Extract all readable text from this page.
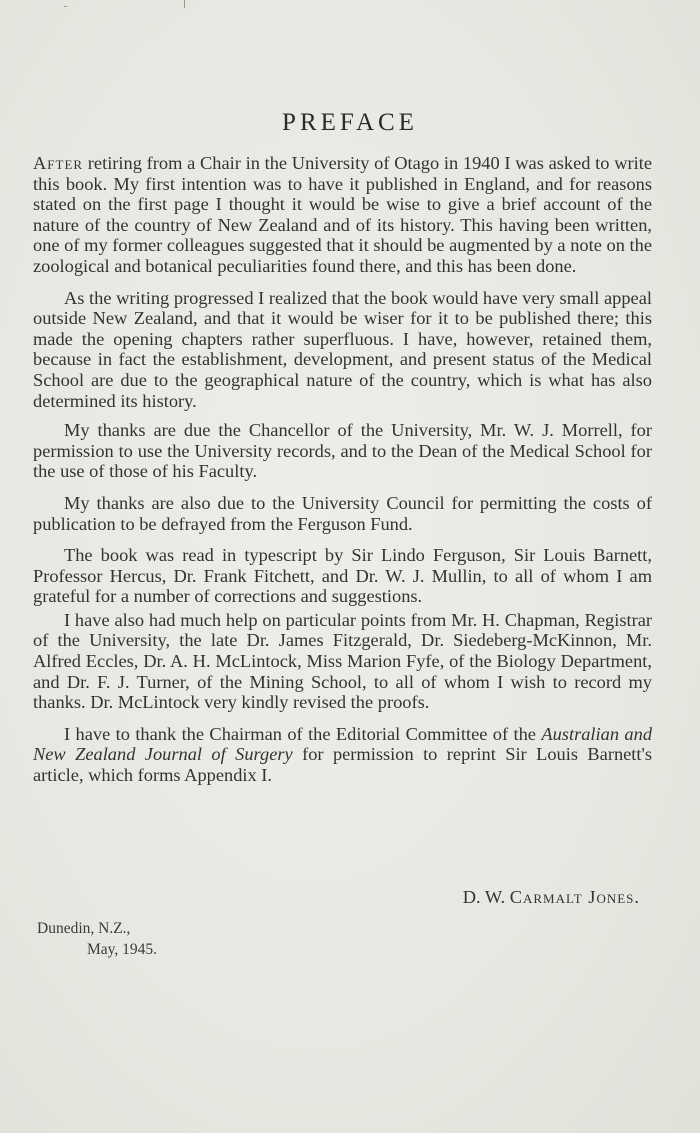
PREFACE

After retiring from a Chair in the University of Otago in 1940 I was asked to write this book. My first intention was to have it published in England, and for reasons stated on the first page I thought it would be wise to give a brief account of the nature of the country of New Zealand and of its history. This having been written, one of my former colleagues suggested that it should be augmented by a note on the zoological and botanical peculiarities found there, and this has been done.

As the writing progressed I realized that the book would have very small appeal outside New Zealand, and that it would be wiser for it to be published there; this made the opening chapters rather superfluous. I have, however, retained them, because in fact the establishment, development, and present status of the Medical School are due to the geographical nature of the country, which is what has also determined its history.

My thanks are due the Chancellor of the University, Mr. W. J. Morrell, for permission to use the University records, and to the Dean of the Medical School for the use of those of his Faculty.

My thanks are also due to the University Council for permitting the costs of publication to be defrayed from the Ferguson Fund.

The book was read in typescript by Sir Lindo Ferguson, Sir Louis Barnett, Professor Hercus, Dr. Frank Fitchett, and Dr. W. J. Mullin, to all of whom I am grateful for a number of corrections and suggestions.

I have also had much help on particular points from Mr. H. Chapman, Registrar of the University, the late Dr. James Fitzgerald, Dr. Siedeberg-McKinnon, Mr. Alfred Eccles, Dr. A. H. McLintock, Miss Marion Fyfe, of the Biology Department, and Dr. F. J. Turner, of the Mining School, to all of whom I wish to record my thanks. Dr. McLintock very kindly revised the proofs.

I have to thank the Chairman of the Editorial Committee of the Australian and New Zealand Journal of Surgery for permission to reprint Sir Louis Barnett's article, which forms Appendix I.

D. W. Carmalt Jones.
Dunedin, N.Z.,
May, 1945.
